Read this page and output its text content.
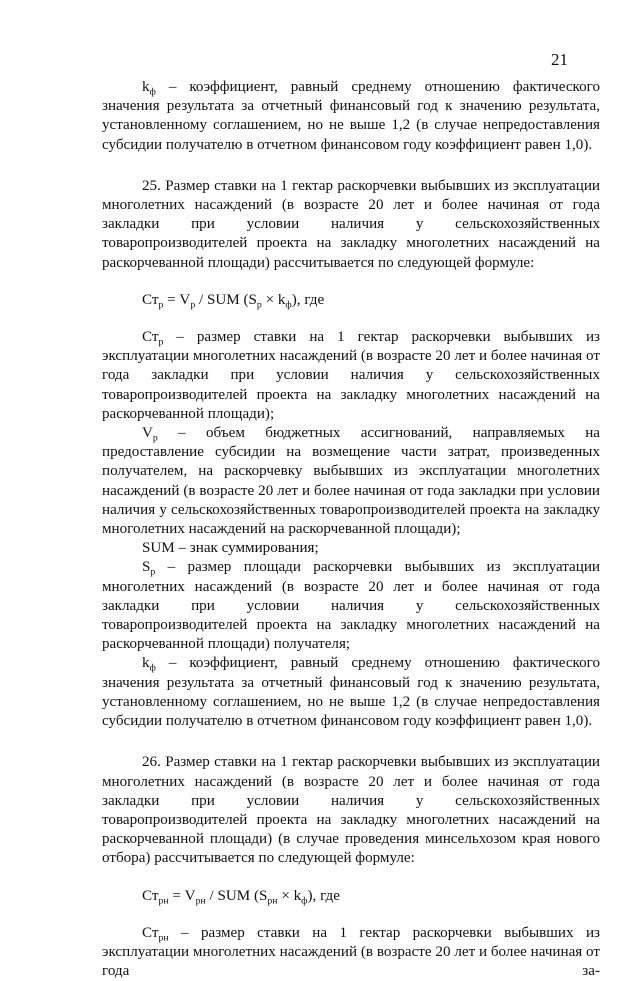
21

$k_ф$ – коэффициент, равный среднему отношению фактического значения результата за отчетный финансовый год к значению результата, установленному соглашением, но не выше 1,2 (в случае непредоставления субсидии получателю в отчетном финансовом году коэффициент равен 1,0).

25. Размер ставки на 1 гектар раскорчевки выбывших из эксплуатации многолетних насаждений (в возрасте 20 лет и более начиная от года закладки при условии наличия у сельскохозяйственных товаропроизводителей проекта на закладку многолетних насаждений на раскорчеванной площади) рассчитывается по следующей формуле:

$Ст_р = V_р$ / SUM $(S_р \times k_ф)$, где

$Ст_р$ – размер ставки на 1 гектар раскорчевки выбывших из эксплуатации многолетних насаждений (в возрасте 20 лет и более начиная от года закладки при условии наличия у сельскохозяйственных товаропроизводителей проекта на закладку многолетних насаждений на раскорчеванной площади);

$V_р$ – объем бюджетных ассигнований, направляемых на предоставление субсидии на возмещение части затрат, произведенных получателем, на раскорчевку выбывших из эксплуатации многолетних насаждений (в возрасте 20 лет и более начиная от года закладки при условии наличия у сельскохозяйственных товаропроизводителей проекта на закладку многолетних насаждений на раскорчеванной площади);

SUM – знак суммирования;

$S_р$ – размер площади раскорчевки выбывших из эксплуатации многолетних насаждений (в возрасте 20 лет и более начиная от года закладки при условии наличия у сельскохозяйственных товаропроизводителей проекта на закладку многолетних насаждений на раскорчеванной площади) получателя;

$k_ф$ – коэффициент, равный среднему отношению фактического значения результата за отчетный финансовый год к значению результата, установленному соглашением, но не выше 1,2 (в случае непредоставления субсидии получателю в отчетном финансовом году коэффициент равен 1,0).

26. Размер ставки на 1 гектар раскорчевки выбывших из эксплуатации многолетних насаждений (в возрасте 20 лет и более начиная от года закладки при условии наличия у сельскохозяйственных товаропроизводителей проекта на закладку многолетних насаждений на раскорчеванной площади) (в случае проведения минсельхозом края нового отбора) рассчитывается по следующей формуле:

$Ст_{рн} = V_{рн}$ / SUM $(S_{рн} \times k_ф)$, где

$Ст_{рн}$ – размер ставки на 1 гектар раскорчевки выбывших из эксплуатации многолетних насаждений (в возрасте 20 лет и более начиная от года за-
